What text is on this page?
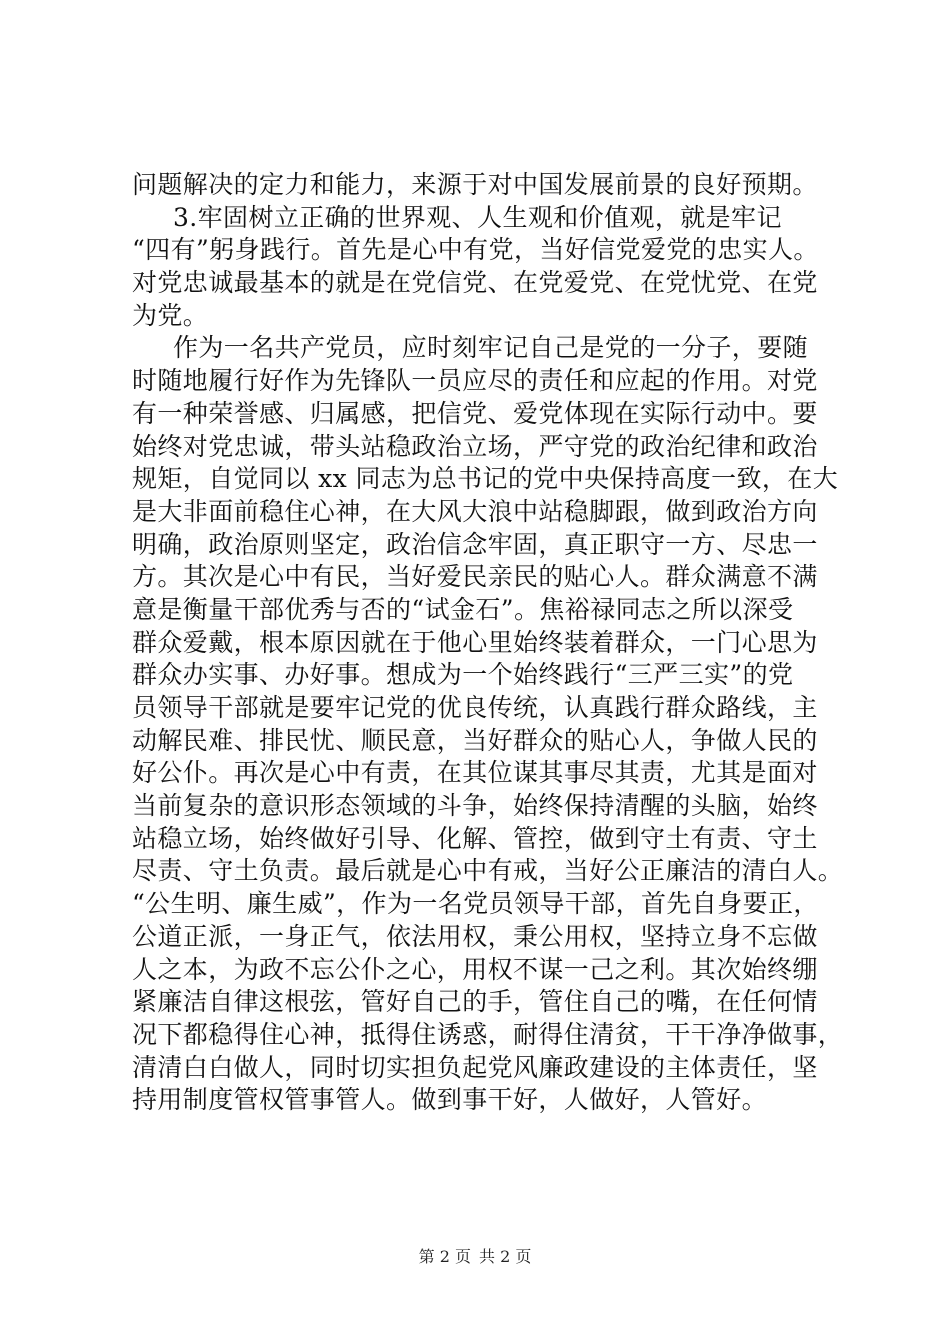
问题解决的定力和能力，来源于对中国发展前景的良好预期。
3.牢固树立正确的世界观、人生观和价值观，就是牢记
“四有”躬身践行。首先是心中有党，当好信党爱党的忠实人。
对党忠诚最基本的就是在党信党、在党爱党、在党忧党、在党
为党。
作为一名共产党员，应时刻牢记自己是党的一分子，要随
时随地履行好作为先锋队一员应尽的责任和应起的作用。对党
有一种荣誉感、归属感，把信党、爱党体现在实际行动中。要
始终对党忠诚，带头站稳政治立场，严守党的政治纪律和政治
规矩，自觉同以 xx 同志为总书记的党中央保持高度一致，在大
是大非面前稳住心神，在大风大浪中站稳脚跟，做到政治方向
明确，政治原则坚定，政治信念牢固，真正职守一方、尽忠一
方。其次是心中有民，当好爱民亲民的贴心人。群众满意不满
意是衡量干部优秀与否的“试金石”。焦裕禄同志之所以深受
群众爱戴，根本原因就在于他心里始终装着群众，一门心思为
群众办实事、办好事。想成为一个始终践行“三严三实”的党
员领导干部就是要牢记党的优良传统，认真践行群众路线，主
动解民难、排民忧、顺民意，当好群众的贴心人，争做人民的
好公仆。再次是心中有责，在其位谋其事尽其责，尤其是面对
当前复杂的意识形态领域的斗争，始终保持清醒的头脑，始终
站稳立场，始终做好引导、化解、管控，做到守土有责、守土
尽责、守土负责。最后就是心中有戒，当好公正廉洁的清白人。
“公生明、廉生威”，作为一名党员领导干部，首先自身要正，
公道正派，一身正气，依法用权，秉公用权，坚持立身不忘做
人之本，为政不忘公仆之心，用权不谋一己之利。其次始终绷
紧廉洁自律这根弦，管好自己的手，管住自己的嘴，在任何情
况下都稳得住心神，抵得住诱惑，耐得住清贫，干干净净做事，
清清白白做人，同时切实担负起党风廉政建设的主体责任，坚
持用制度管权管事管人。做到事干好，人做好，人管好。
第 2 页 共 2 页
